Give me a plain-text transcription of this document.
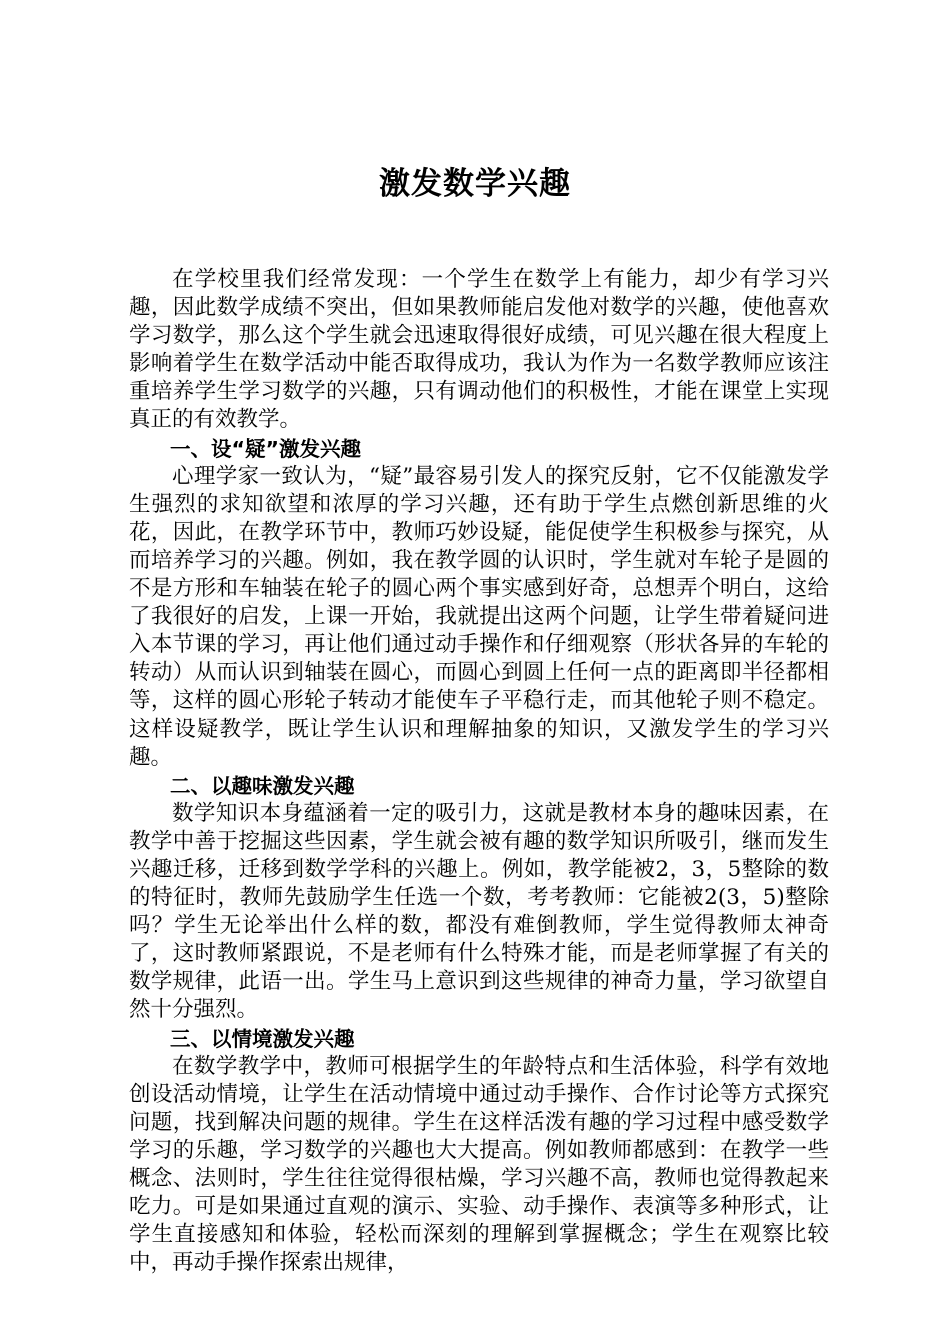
激发数学兴趣

在学校里我们经常发现：一个学生在数学上有能力，却少有学习兴趣，因此数学成绩不突出，但如果教师能启发他对数学的兴趣，使他喜欢学习数学，那么这个学生就会迅速取得很好成绩，可见兴趣在很大程度上影响着学生在数学活动中能否取得成功，我认为作为一名数学教师应该注重培养学生学习数学的兴趣，只有调动他们的积极性，才能在课堂上实现真正的有效教学。

一、设“疑”激发兴趣

心理学家一致认为，“疑”最容易引发人的探究反射，它不仅能激发学生强烈的求知欲望和浓厚的学习兴趣，还有助于学生点燃创新思维的火花，因此，在教学环节中，教师巧妙设疑，能促使学生积极参与探究，从而培养学习的兴趣。例如，我在教学圆的认识时，学生就对车轮子是圆的不是方形和车轴装在轮子的圆心两个事实感到好奇，总想弄个明白，这给了我很好的启发，上课一开始，我就提出这两个问题，让学生带着疑问进入本节课的学习，再让他们通过动手操作和仔细观察（形状各异的车轮的转动）从而认识到轴装在圆心，而圆心到圆上任何一点的距离即半径都相等，这样的圆心形轮子转动才能使车子平稳行走，而其他轮子则不稳定。这样设疑教学，既让学生认识和理解抽象的知识，又激发学生的学习兴趣。

二、以趣味激发兴趣

数学知识本身蕴涵着一定的吸引力，这就是教材本身的趣味因素，在教学中善于挖掘这些因素，学生就会被有趣的数学知识所吸引，继而发生兴趣迁移，迁移到数学学科的兴趣上。例如，教学能被2，3，5整除的数的特征时，教师先鼓励学生任选一个数，考考教师：它能被2(3，5)整除吗？学生无论举出什么样的数，都没有难倒教师，学生觉得教师太神奇了，这时教师紧跟说，不是老师有什么特殊才能，而是老师掌握了有关的数学规律，此语一出。学生马上意识到这些规律的神奇力量，学习欲望自然十分强烈。

三、以情境激发兴趣

在数学教学中，教师可根据学生的年龄特点和生活体验，科学有效地创设活动情境，让学生在活动情境中通过动手操作、合作讨论等方式探究问题，找到解决问题的规律。学生在这样活泼有趣的学习过程中感受数学学习的乐趣，学习数学的兴趣也大大提高。例如教师都感到：在教学一些概念、法则时，学生往往觉得很枯燥，学习兴趣不高，教师也觉得教起来吃力。可是如果通过直观的演示、实验、动手操作、表演等多种形式，让学生直接感知和体验，轻松而深刻的理解到掌握概念；学生在观察比较中，再动手操作探索出规律，
